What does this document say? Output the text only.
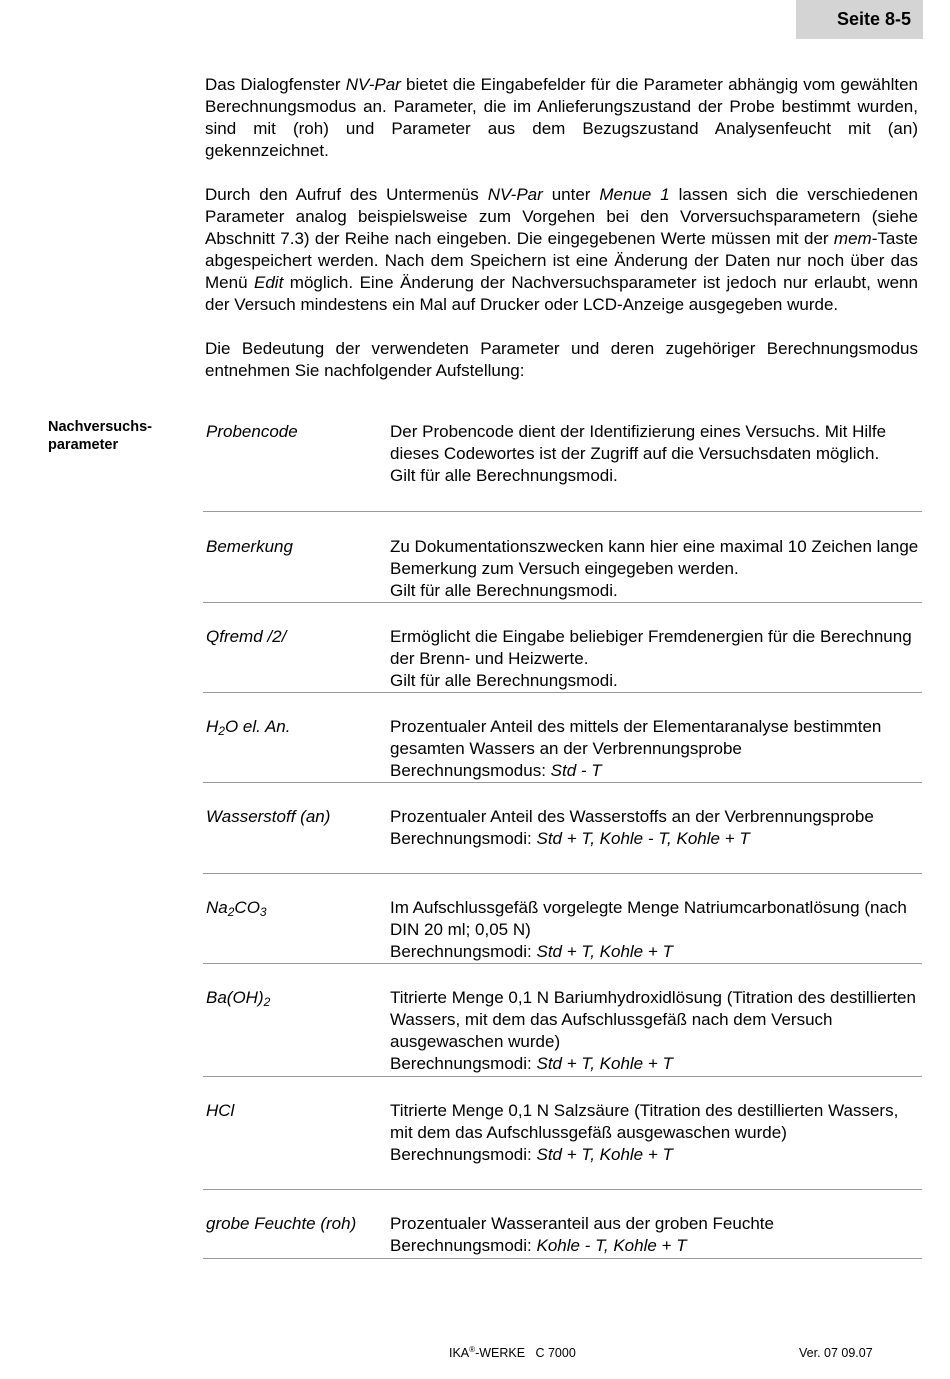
Seite 8-5

Das Dialogfenster NV-Par bietet die Eingabefelder für die Parameter abhängig vom gewählten Berechnungsmodus an. Parameter, die im Anlieferungszustand der Probe bestimmt wurden, sind mit (roh) und Parameter aus dem Bezugszustand Analysenfeucht mit (an) gekennzeichnet.

Durch den Aufruf des Untermenüs NV-Par unter Menue 1 lassen sich die verschiedenen Parameter analog beispielsweise zum Vorgehen bei den Vorversuchsparametern (siehe Abschnitt 7.3) der Reihe nach eingeben. Die eingegebenen Werte müssen mit der mem-Taste abgespeichert werden. Nach dem Speichern ist eine Änderung der Daten nur noch über das Menü Edit möglich. Eine Änderung der Nachversuchsparameter ist jedoch nur erlaubt, wenn der Versuch mindestens ein Mal auf Drucker oder LCD-Anzeige ausgegeben wurde.

Die Bedeutung der verwendeten Parameter und deren zugehöriger Berechnungsmodus entnehmen Sie nachfolgender Aufstellung:

Nachversuchs-
parameter
Probencode	Der Probencode dient der Identifizierung eines Versuchs. Mit Hilfe dieses Codewortes ist der Zugriff auf die Versuchsdaten möglich.
Gilt für alle Berechnungsmodi.
Bemerkung	Zu Dokumentationszwecken kann hier eine maximal 10 Zeichen lange Bemerkung zum Versuch eingegeben werden.
Gilt für alle Berechnungsmodi.
Qfremd /2/	Ermöglicht die Eingabe beliebiger Fremdenergien für die Berechnung der Brenn- und Heizwerte.
Gilt für alle Berechnungsmodi.
$H_2O$ el. An.	Prozentualer Anteil des mittels der Elementaranalyse bestimmten gesamten Wassers an der Verbrennungsprobe
Berechnungsmodus: Std - T
Wasserstoff (an)	Prozentualer Anteil des Wasserstoffs an der Verbrennungsprobe
Berechnungsmodi: Std + T, Kohle - T, Kohle + T
$Na_2CO_3$	Im Aufschlussgefäß vorgelegte Menge Natriumcarbonatlösung (nach DIN 20 ml; 0,05 N)
Berechnungsmodi: Std + T, Kohle + T
$Ba(OH)_2$	Titrierte Menge 0,1 N Bariumhydroxidlösung (Titration des destillierten Wassers, mit dem das Aufschlussgefäß nach dem Versuch ausgewaschen wurde)
Berechnungsmodi: Std + T, Kohle + T
HCl	Titrierte Menge 0,1 N Salzsäure (Titration des destillierten Wassers, mit dem das Aufschlussgefäß ausgewaschen wurde)
Berechnungsmodi: Std + T, Kohle + T
grobe Feuchte (roh)	Prozentualer Wasseranteil aus der groben Feuchte
Berechnungsmodi: Kohle - T, Kohle + T
IKA®-WERKE   C 7000	Ver. 07 09.07
